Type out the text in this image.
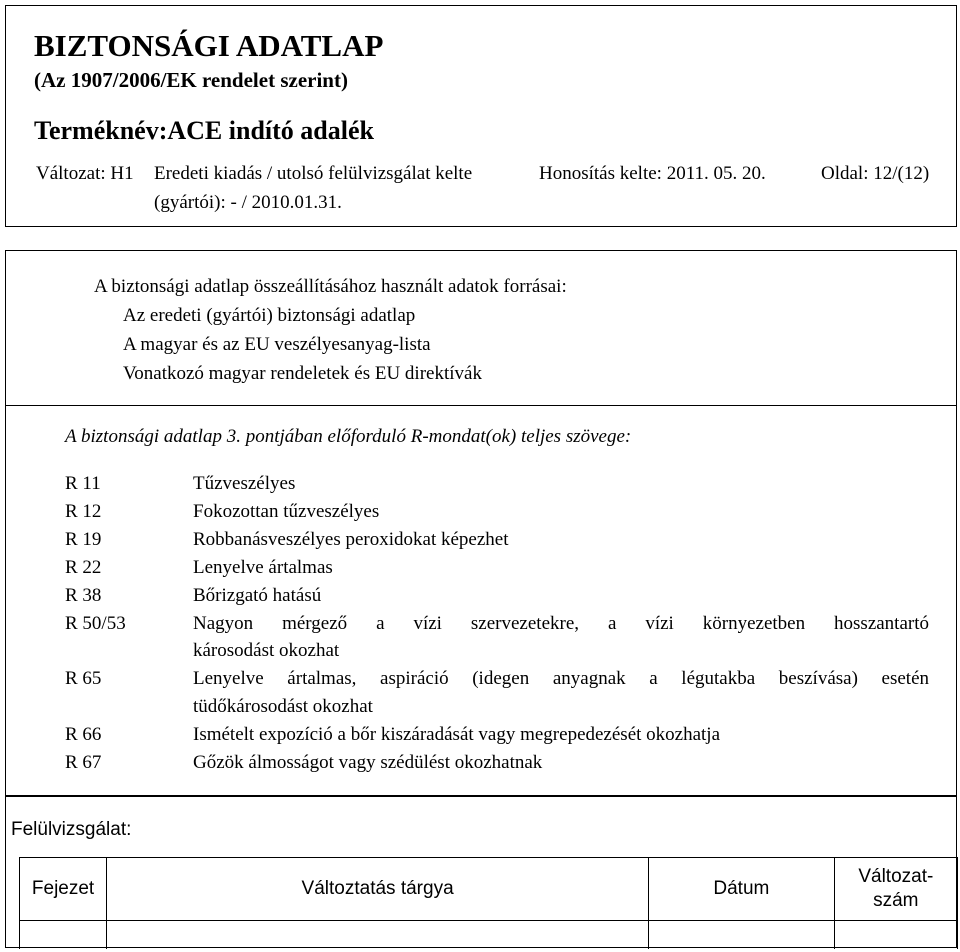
BIZTONSÁGI ADATLAP
(Az 1907/2006/EK rendelet szerint)
Terméknév:ACE indító adalék
Változat: H1 Eredeti kiadás / utolsó felülvizsgálat kelte
(gyártói): - / 2010.01.31.
Honosítás kelte: 2011. 05. 20.	Oldal: 12/(12)
A biztonsági adatlap összeállításához használt adatok forrásai:
Az eredeti (gyártói) biztonsági adatlap
A magyar és az EU veszélyesanyag-lista
Vonatkozó magyar rendeletek és EU direktívák
A biztonsági adatlap 3. pontjában előforduló R-mondat(ok) teljes szövege:
R 11	Tűzveszélyes
R 12	Fokozottan tűzveszélyes
R 19	Robbanásveszélyes peroxidokat képezhet
R 22	Lenyelve ártalmas
R 38	Bőrizgató hatású
R 50/53	Nagyon mérgező a vízi szervezetekre, a vízi környezetben hosszantartó
károsodást okozhat
R 65	Lenyelve ártalmas, aspiráció (idegen anyagnak a légutakba beszívása) esetén
tüdőkárosodást okozhat
R 66	Ismételt expozíció a bőr kiszáradását vagy megrepedezését okozhatja
R 67	Gőzök álmosságot vagy szédülést okozhatnak
Felülvizsgálat:
Fejezet	Változtatás tárgya	Dátum	Változat-
szám
